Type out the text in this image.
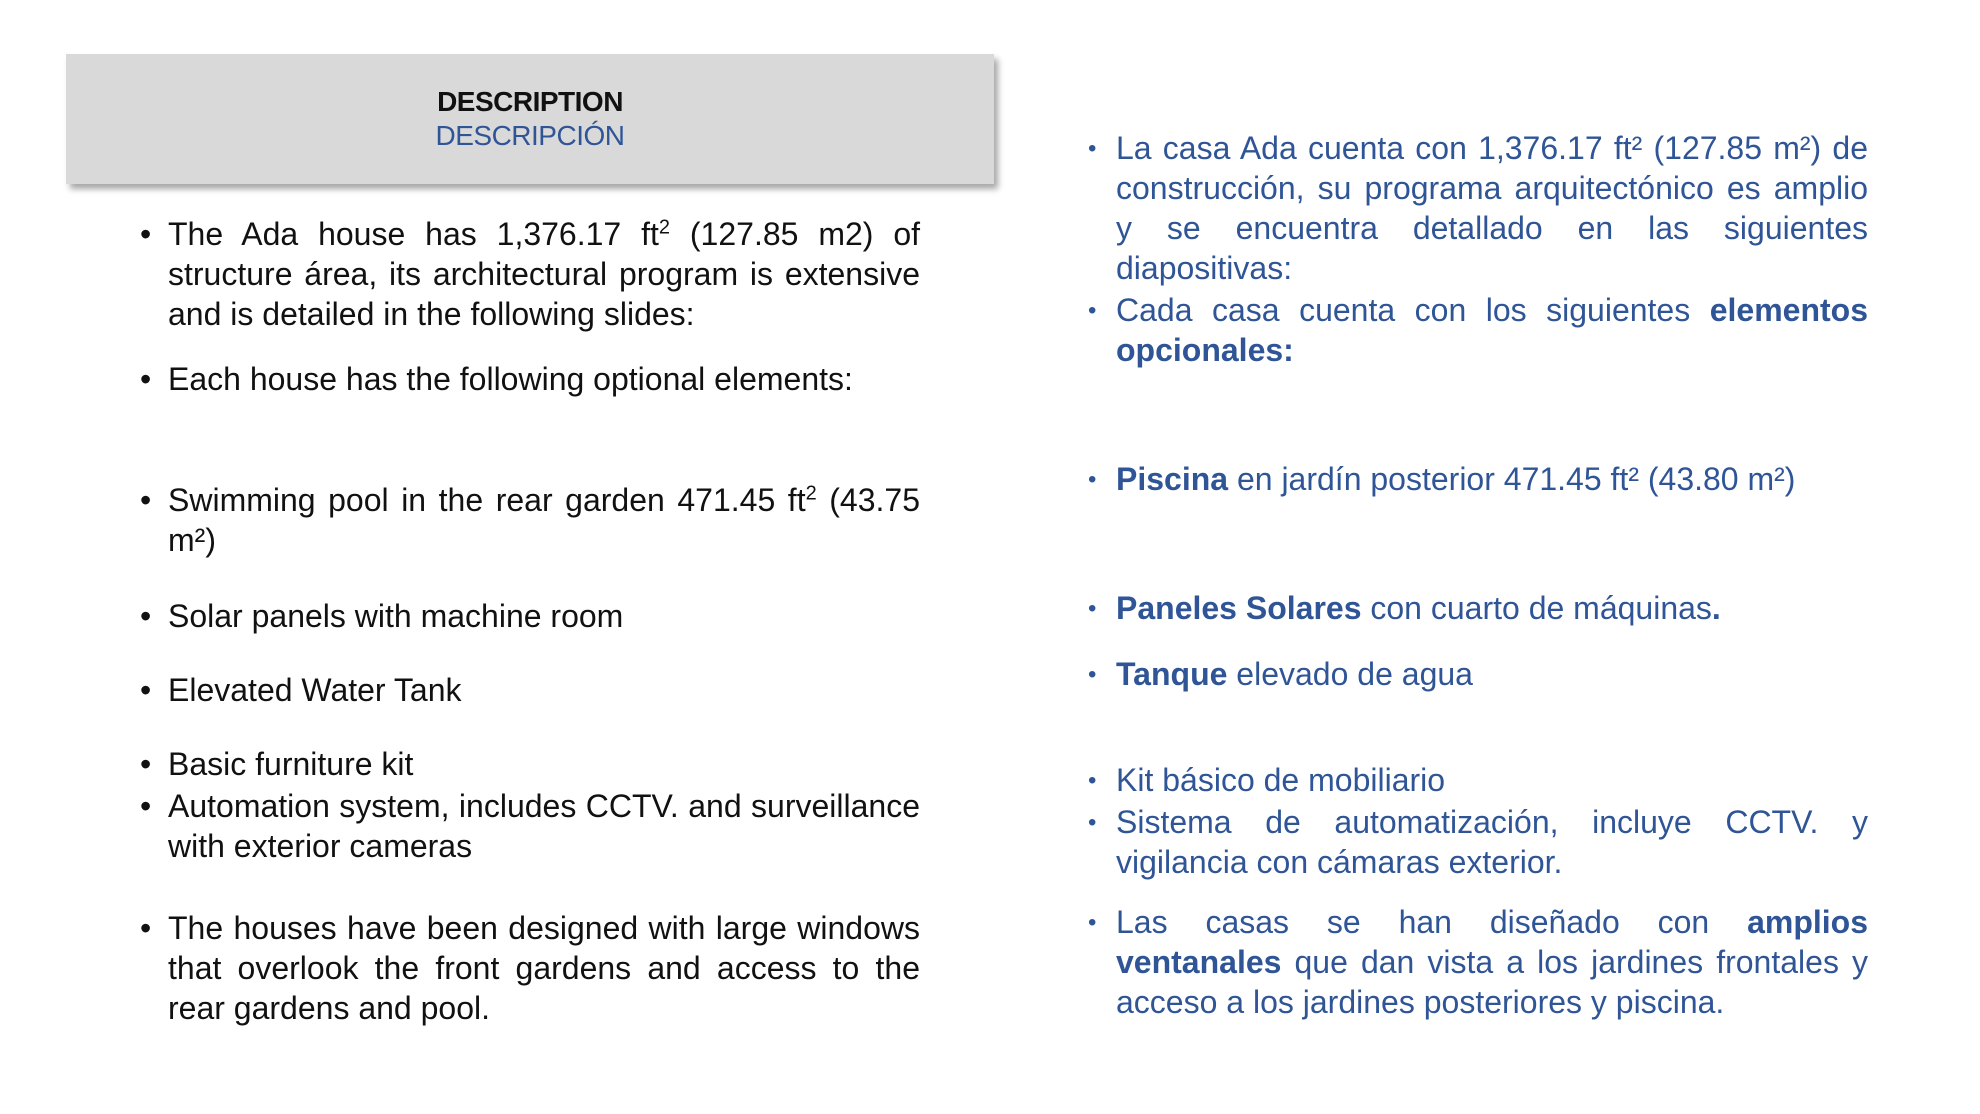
DESCRIPTION
DESCRIPCIÓN
• The Ada house has 1,376.17 $ft^2$ (127.85 m2) of structure área, its architectural program is extensive and is detailed in the following slides:
• Each house has the following optional elements:
• Swimming pool in the rear garden 471.45 $ft^2$ (43.75 m²)
• Solar panels with machine room
• Elevated Water Tank
• Basic furniture kit
• Automation system, includes CCTV. and surveillance with exterior cameras
• The houses have been designed with large windows that overlook the front gardens and access to the rear gardens and pool.
• La casa Ada cuenta con 1,376.17 ft² (127.85 m²) de construcción, su programa arquitectónico es amplio y se encuentra detallado en las siguientes diapositivas:
• Cada casa cuenta con los siguientes elementos opcionales:
• Piscina en jardín posterior 471.45 ft² (43.80 m²)
• Paneles Solares con cuarto de máquinas.
• Tanque elevado de agua
• Kit básico de mobiliario
• Sistema de automatización, incluye CCTV. y vigilancia con cámaras exterior.
• Las casas se han diseñado con amplios ventanales que dan vista a los jardines frontales y acceso a los jardines posteriores y piscina.
